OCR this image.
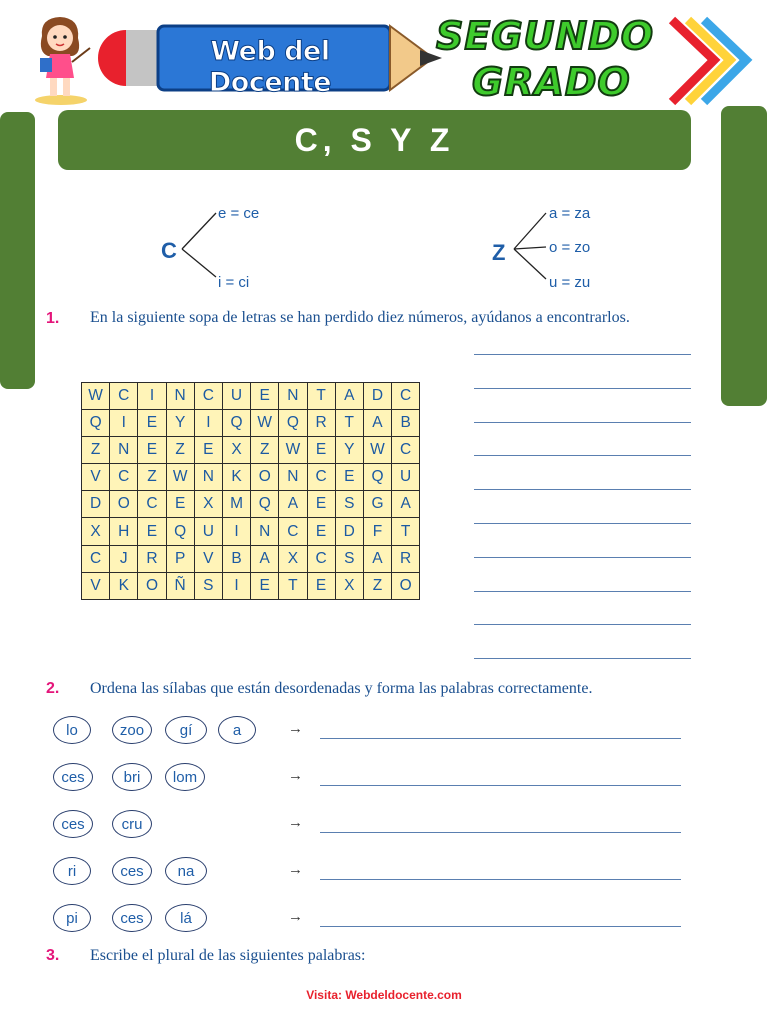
Web del Docente
SEGUNDO
GRADO
C, S Y Z
C
e = ce
i = ci
Z
a = za
o = zo
u = zu
1. En la siguiente sopa de letras se han perdido diez números, ayúdanos a encontrarlos.
W	C	I	N	C	U	E	N	T	A	D	C
Q	I	E	Y	I	Q	W	Q	R	T	A	B
Z	N	E	Z	E	X	Z	W	E	Y	W	C
V	C	Z	W	N	K	O	N	C	E	Q	U
D	O	C	E	X	M	Q	A	E	S	G	A
X	H	E	Q	U	I	N	C	E	D	F	T
C	J	R	P	V	B	A	X	C	S	A	R
V	K	O	Ñ	S	I	E	T	E	X	Z	O
2. Ordena las sílabas que están desordenadas y forma las palabras correctamente.
lo	zoo	gí	a	→
ces	bri	lom	→
ces	cru	→
ri	ces	na	→
pi	ces	lá	→
3. Escribe el plural de las siguientes palabras:
Visita: Webdeldocente.com
